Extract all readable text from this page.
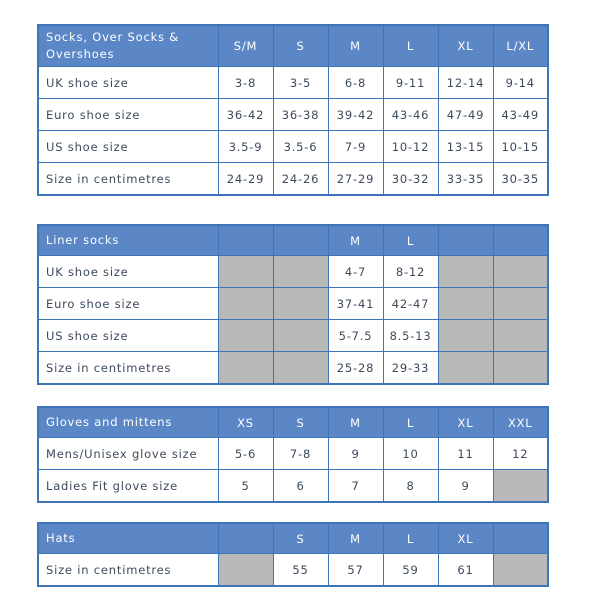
Socks, Over Socks & Overshoes	S/M	S	M	L	XL	L/XL
UK shoe size	3-8	3-5	6-8	9-11	12-14	9-14
Euro shoe size	36-42	36-38	39-42	43-46	47-49	43-49
US shoe size	3.5-9	3.5-6	7-9	10-12	13-15	10-15
Size in centimetres	24-29	24-26	27-29	30-32	33-35	30-35
Liner socks			M	L		
UK shoe size			4-7	8-12		
Euro shoe size			37-41	42-47		
US shoe size			5-7.5	8.5-13		
Size in centimetres			25-28	29-33		
Gloves and mittens	XS	S	M	L	XL	XXL
Mens/Unisex glove size	5-6	7-8	9	10	11	12
Ladies Fit glove size	5	6	7	8	9	
Hats		S	M	L	XL	
Size in centimetres		55	57	59	61	
